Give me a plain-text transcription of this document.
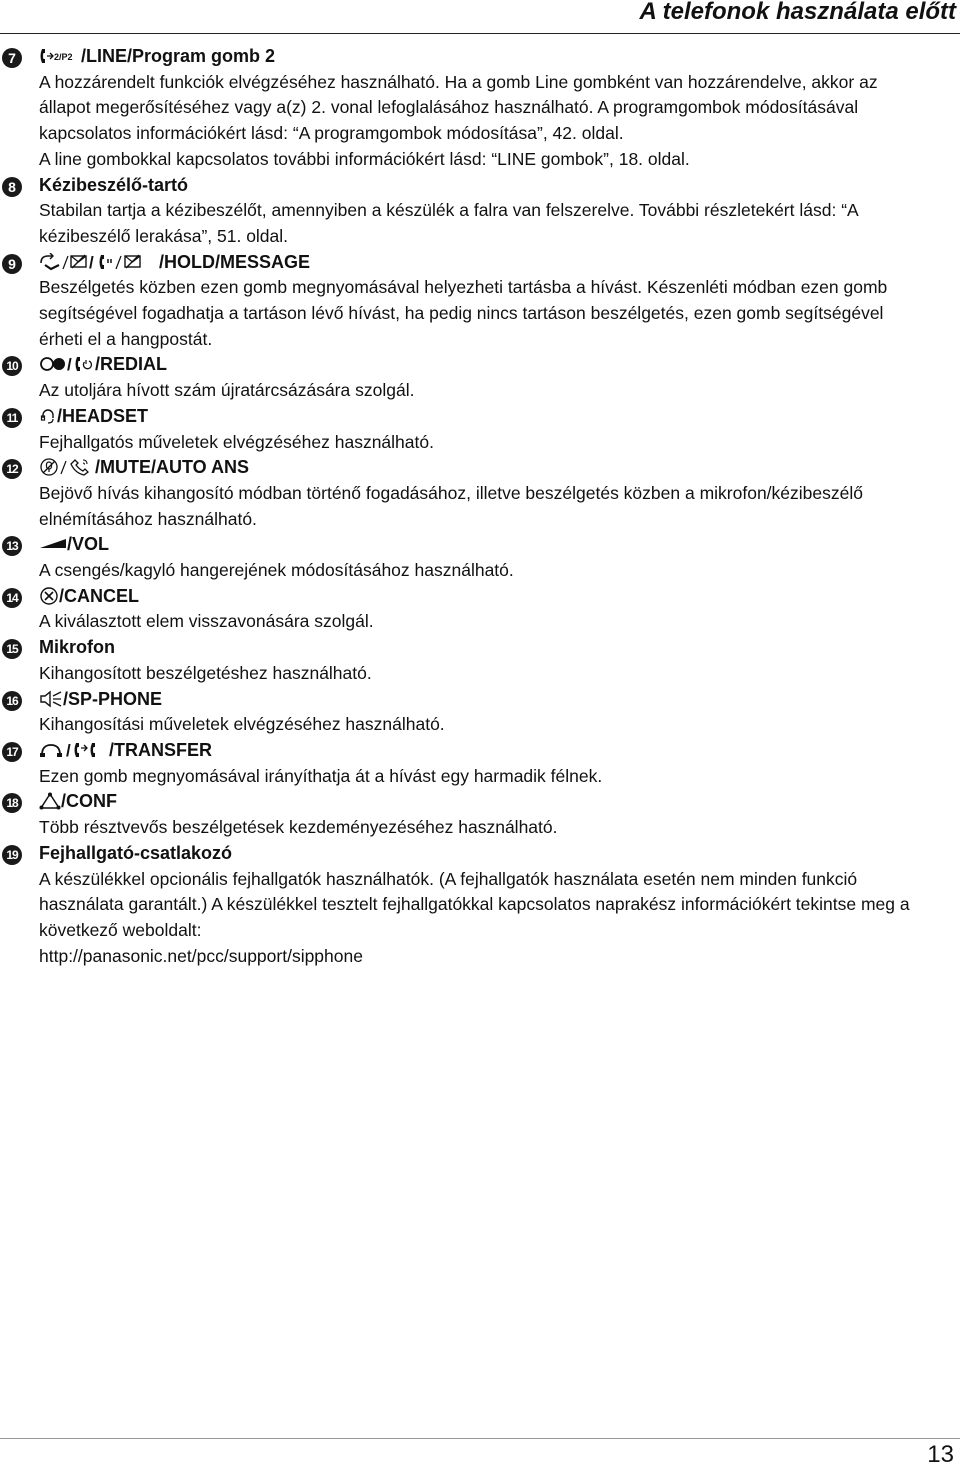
A telefonok használata előtt
7	2/P2 /LINE/Program gomb 2
A hozzárendelt funkciók elvégzéséhez használható. Ha a gomb Line gombként van hozzárendelve, akkor az
állapot megerősítéséhez vagy a(z) 2. vonal lefoglalásához használható. A programgombok módosításával
kapcsolatos információkért lásd: “A programgombok módosítása”, 42. oldal.
A line gombokkal kapcsolatos további információkért lásd: “LINE gombok”, 18. oldal.
8	Kézibeszélő-tartó
Stabilan tartja a kézibeszélőt, amennyiben a készülék a falra van felszerelve. További részletekért lásd: “A
kézibeszélő lerakása”, 51. oldal.
9	/	/HOLD/MESSAGE
Beszélgetés közben ezen gomb megnyomásával helyezheti tartásba a hívást. Készenléti módban ezen gomb
segítségével fogadhatja a tartáson lévő hívást, ha pedig nincs tartáson beszélgetés, ezen gomb segítségével
érheti el a hangpostát.
10	/ /REDIAL
Az utoljára hívott szám újratárcsázására szolgál.
11	/HEADSET
Fejhallgatós műveletek elvégzéséhez használható.
12	/MUTE/AUTO ANS
Bejövő hívás kihangosító módban történő fogadásához, illetve beszélgetés közben a mikrofon/kézibeszélő
elnémításához használható.
13	/VOL
A csengés/kagyló hangerejének módosításához használható.
14	/CANCEL
A kiválasztott elem visszavonására szolgál.
15 Mikrofon
Kihangosított beszélgetéshez használható.
16	/SP-PHONE
Kihangosítási műveletek elvégzéséhez használható.
17	/ /TRANSFER
Ezen gomb megnyomásával irányíthatja át a hívást egy harmadik félnek.
18	/CONF
Több résztvevős beszélgetések kezdeményezéséhez használható.
19 Fejhallgató-csatlakozó
A készülékkel opcionális fejhallgatók használhatók. (A fejhallgatók használata esetén nem minden funkció
használata garantált.) A készülékkel tesztelt fejhallgatókkal kapcsolatos naprakész információkért tekintse meg a
következő weboldalt:
http://panasonic.net/pcc/support/sipphone
13
